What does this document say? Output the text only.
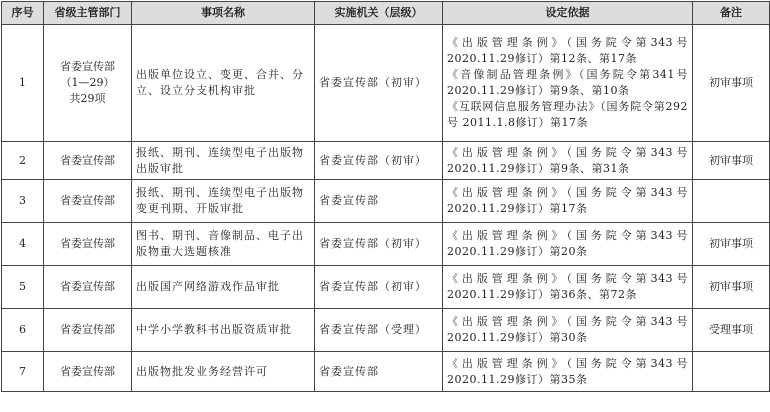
序号	省级主管部门	事项名称	实施机关（层级）	设定依据	备注
1	省委宣传部
（1—29）
共29项	出版单位设立、变更、合并、分立、设立分支机构审批	省委宣传部（初审）	《出版管理条例》（国务院令第343号2020.11.29修订）第12条、第17条
《音像制品管理条例》（国务院令第341号2020.11.29修订）第9条、第10条
《互联网信息服务管理办法》（国务院令第292号 2011.1.8修订）第17条	初审事项
2	省委宣传部	报纸、期刊、连续型电子出版物出版审批	省委宣传部（初审）	《出版管理条例》（国务院令第343号2020.11.29修订）第9条、第31条	初审事项
3	省委宣传部	报纸、期刊、连续型电子出版物变更刊期、开版审批	省委宣传部	《出版管理条例》（国务院令第343号2020.11.29修订）第17条	
4	省委宣传部	图书、期刊、音像制品、电子出版物重大选题核准	省委宣传部（初审）	《出版管理条例》（国务院令第343号2020.11.29修订）第20条	初审事项
5	省委宣传部	出版国产网络游戏作品审批	省委宣传部（初审）	《出版管理条例》（国务院令第343号2020.11.29修订）第36条、第72条	初审事项
6	省委宣传部	中学小学教科书出版资质审批	省委宣传部（受理）	《出版管理条例》（国务院令第343号2020.11.29修订）第30条	受理事项
7	省委宣传部	出版物批发业务经营许可	省委宣传部	《出版管理条例》（国务院令第343号2020.11.29修订）第35条	
